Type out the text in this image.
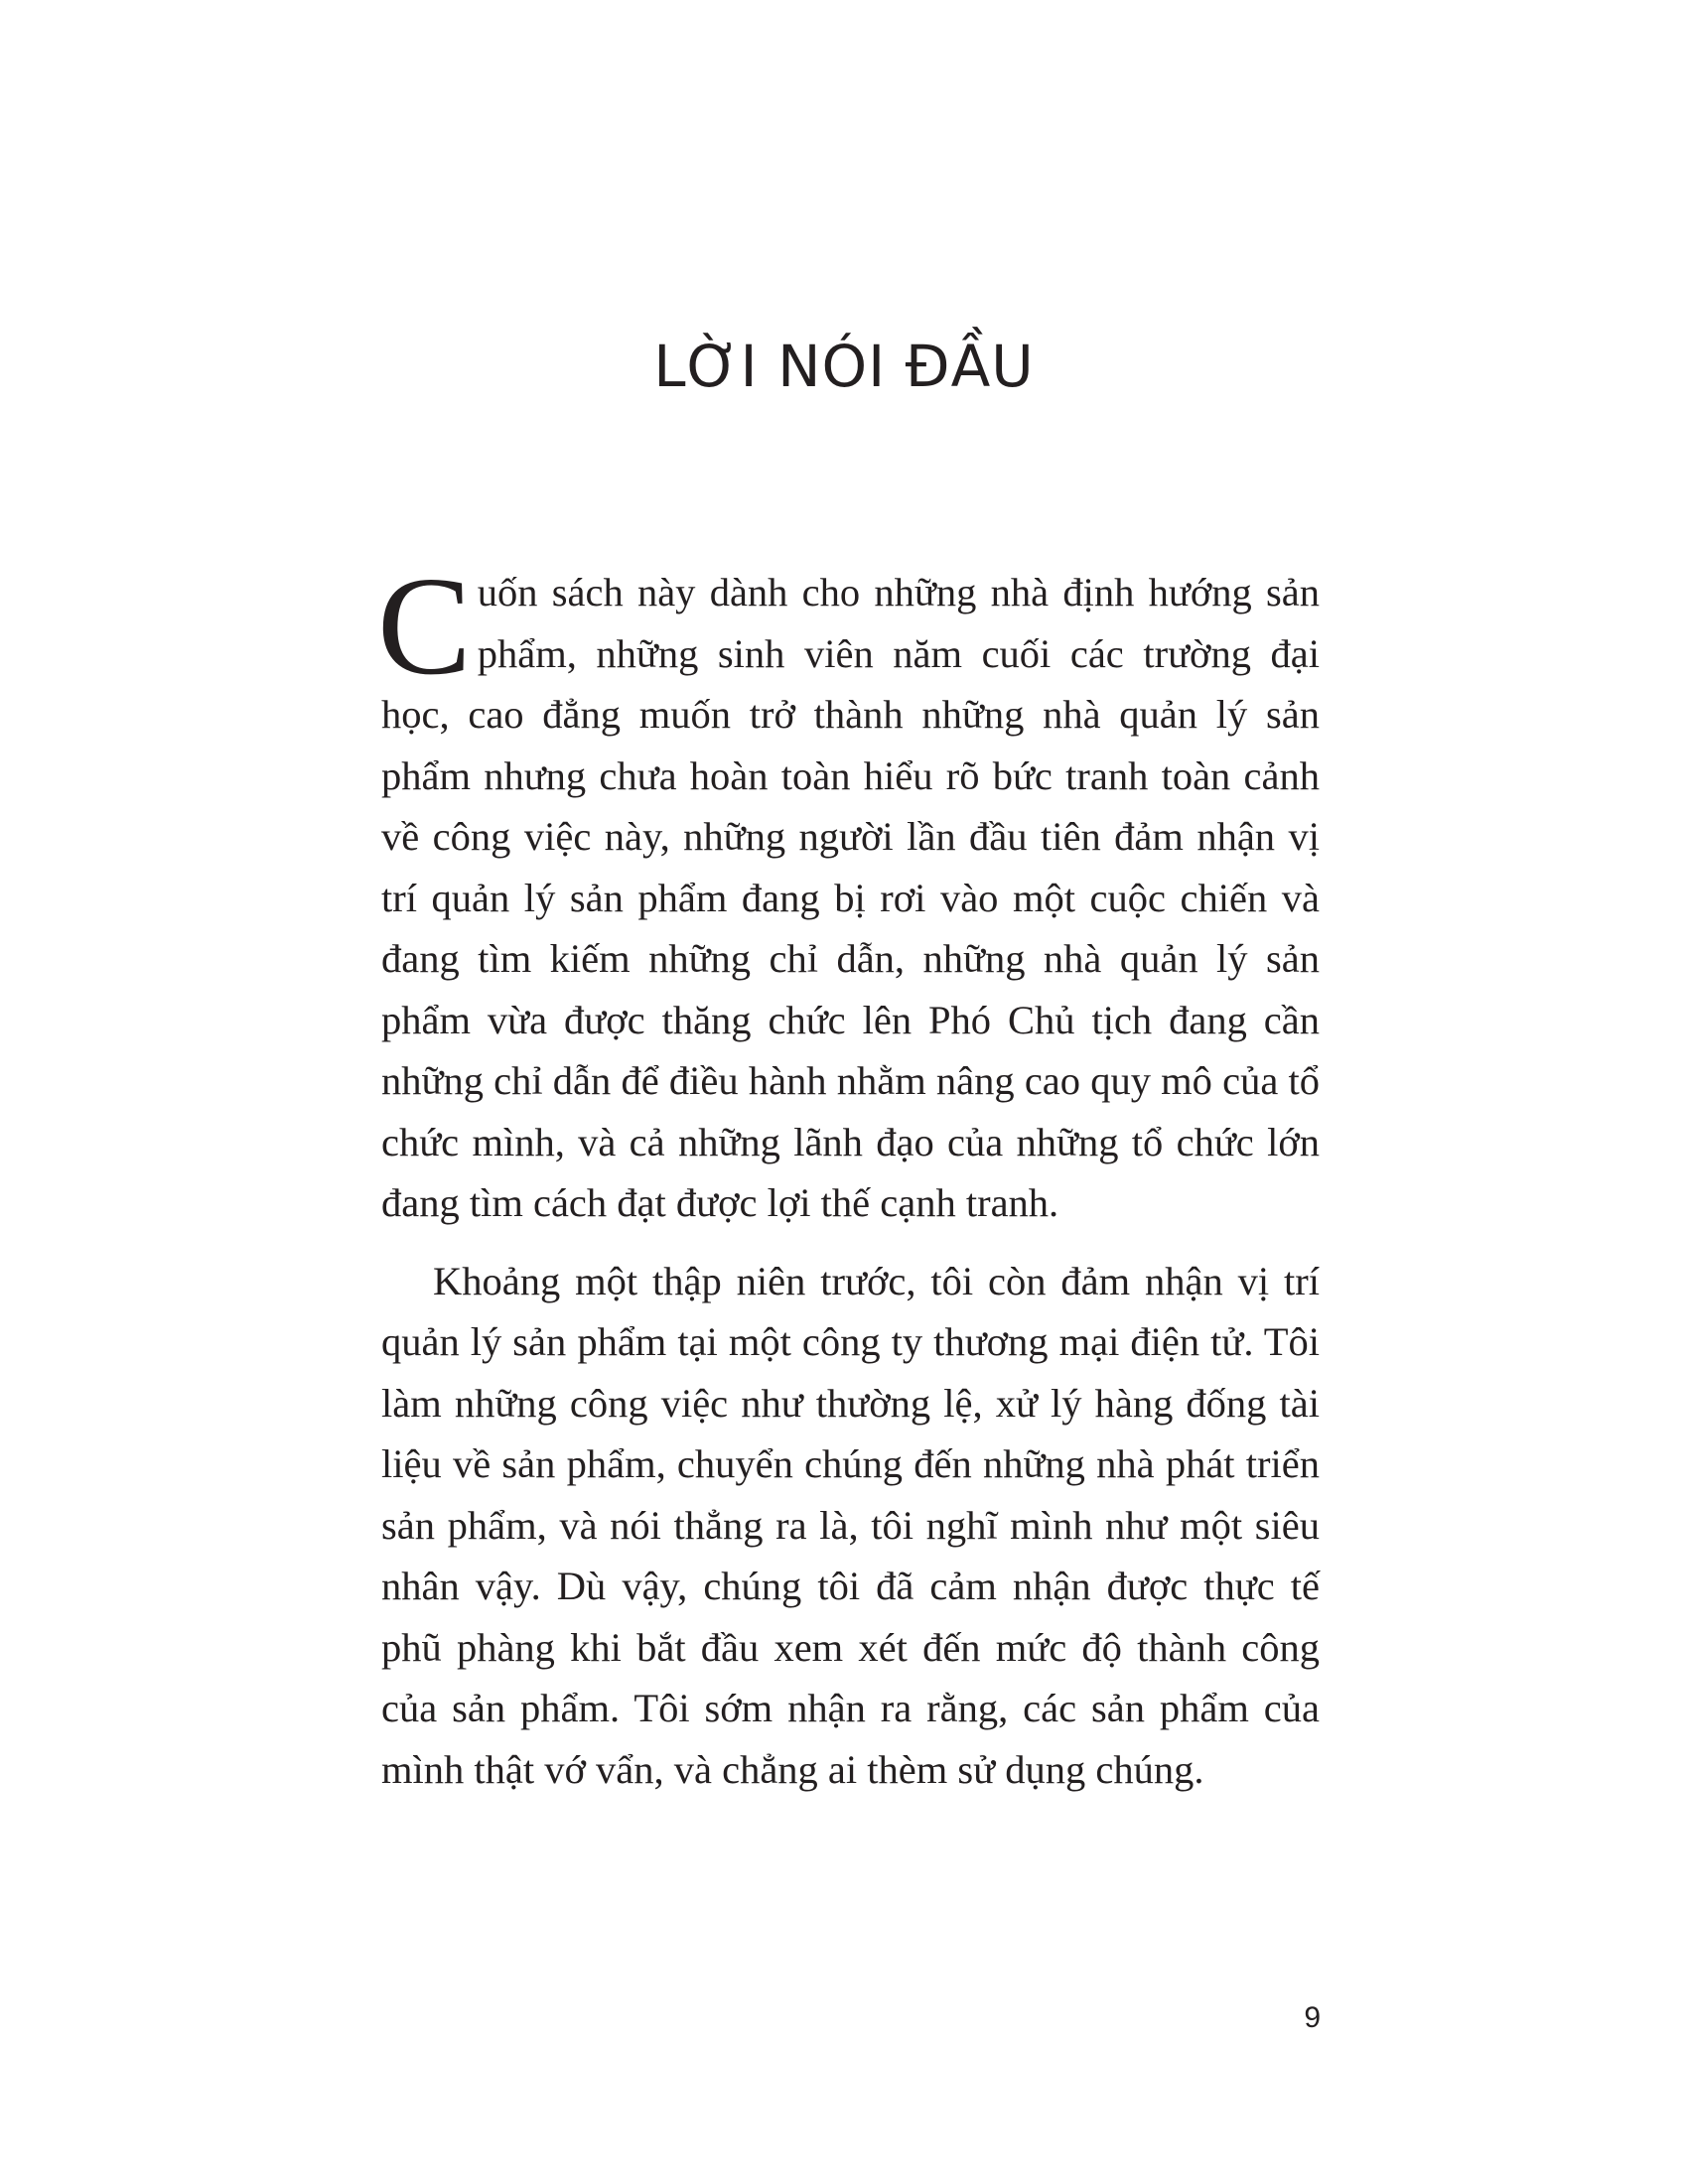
LỜI NÓI ĐẦU

Cuốn sách này dành cho những nhà định hướng sản phẩm, những sinh viên năm cuối các trường đại học, cao đẳng muốn trở thành những nhà quản lý sản phẩm nhưng chưa hoàn toàn hiểu rõ bức tranh toàn cảnh về công việc này, những người lần đầu tiên đảm nhận vị trí quản lý sản phẩm đang bị rơi vào một cuộc chiến và đang tìm kiếm những chỉ dẫn, những nhà quản lý sản phẩm vừa được thăng chức lên Phó Chủ tịch đang cần những chỉ dẫn để điều hành nhằm nâng cao quy mô của tổ chức mình, và cả những lãnh đạo của những tổ chức lớn đang tìm cách đạt được lợi thế cạnh tranh.

Khoảng một thập niên trước, tôi còn đảm nhận vị trí quản lý sản phẩm tại một công ty thương mại điện tử. Tôi làm những công việc như thường lệ, xử lý hàng đống tài liệu về sản phẩm, chuyển chúng đến những nhà phát triển sản phẩm, và nói thẳng ra là, tôi nghĩ mình như một siêu nhân vậy. Dù vậy, chúng tôi đã cảm nhận được thực tế phũ phàng khi bắt đầu xem xét đến mức độ thành công của sản phẩm. Tôi sớm nhận ra rằng, các sản phẩm của mình thật vớ vẩn, và chẳng ai thèm sử dụng chúng.

9
